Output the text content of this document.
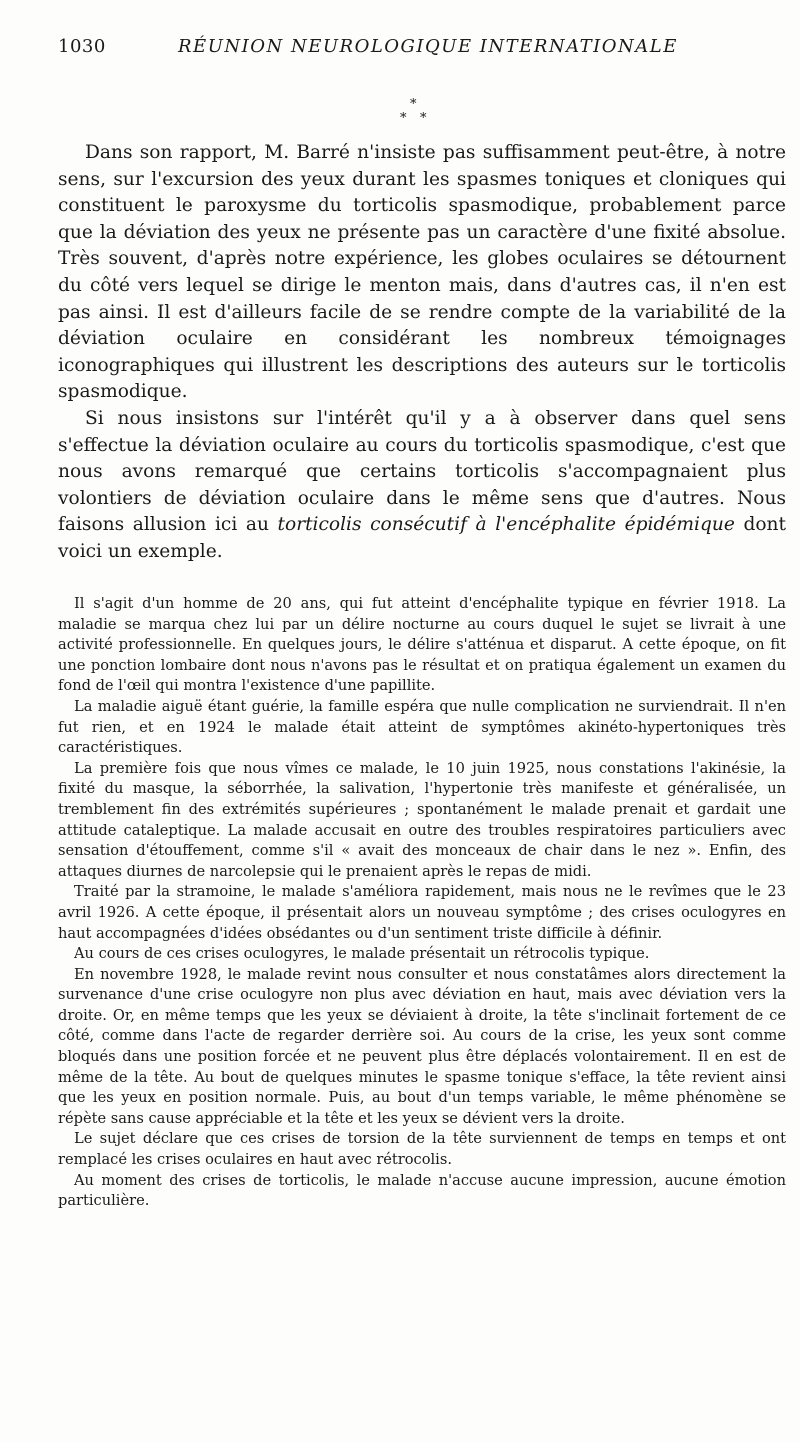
1030	RÉUNION NEUROLOGIQUE INTERNATIONALE
*
* *

Dans son rapport, M. Barré n'insiste pas suffisamment peut-être, à notre sens, sur l'excursion des yeux durant les spasmes toniques et cloniques qui constituent le paroxysme du torticolis spasmodique, probablement parce que la déviation des yeux ne présente pas un caractère d'une fixité absolue. Très souvent, d'après notre expérience, les globes oculaires se détournent du côté vers lequel se dirige le menton mais, dans d'autres cas, il n'en est pas ainsi. Il est d'ailleurs facile de se rendre compte de la variabilité de la déviation oculaire en considérant les nombreux témoignages iconographiques qui illustrent les descriptions des auteurs sur le torticolis spasmodique.

Si nous insistons sur l'intérêt qu'il y a à observer dans quel sens s'effectue la déviation oculaire au cours du torticolis spasmodique, c'est que nous avons remarqué que certains torticolis s'accompagnaient plus volontiers de déviation oculaire dans le même sens que d'autres. Nous faisons allusion ici au torticolis consécutif à l'encéphalite épidémique dont voici un exemple.

Il s'agit d'un homme de 20 ans, qui fut atteint d'encéphalite typique en février 1918. La maladie se marqua chez lui par un délire nocturne au cours duquel le sujet se livrait à une activité professionnelle. En quelques jours, le délire s'atténua et disparut. A cette époque, on fit une ponction lombaire dont nous n'avons pas le résultat et on pratiqua également un examen du fond de l'œil qui montra l'existence d'une papillite.

La maladie aiguë étant guérie, la famille espéra que nulle complication ne surviendrait. Il n'en fut rien, et en 1924 le malade était atteint de symptômes akinéto-hypertoniques très caractéristiques.

La première fois que nous vîmes ce malade, le 10 juin 1925, nous constations l'akinésie, la fixité du masque, la séborrhée, la salivation, l'hypertonie très manifeste et généralisée, un tremblement fin des extrémités supérieures ; spontanément le malade prenait et gardait une attitude cataleptique. La malade accusait en outre des troubles respiratoires particuliers avec sensation d'étouffement, comme s'il « avait des monceaux de chair dans le nez ». Enfin, des attaques diurnes de narcolepsie qui le prenaient après le repas de midi.

Traité par la stramoine, le malade s'améliora rapidement, mais nous ne le revîmes que le 23 avril 1926. A cette époque, il présentait alors un nouveau symptôme ; des crises oculogyres en haut accompagnées d'idées obsédantes ou d'un sentiment triste difficile à définir.

Au cours de ces crises oculogyres, le malade présentait un rétrocolis typique.

En novembre 1928, le malade revint nous consulter et nous constatâmes alors directement la survenance d'une crise oculogyre non plus avec déviation en haut, mais avec déviation vers la droite. Or, en même temps que les yeux se déviaient à droite, la tête s'inclinait fortement de ce côté, comme dans l'acte de regarder derrière soi. Au cours de la crise, les yeux sont comme bloqués dans une position forcée et ne peuvent plus être déplacés volontairement. Il en est de même de la tête. Au bout de quelques minutes le spasme tonique s'efface, la tête revient ainsi que les yeux en position normale. Puis, au bout d'un temps variable, le même phénomène se répète sans cause appréciable et la tête et les yeux se dévient vers la droite.

Le sujet déclare que ces crises de torsion de la tête surviennent de temps en temps et ont remplacé les crises oculaires en haut avec rétrocolis.

Au moment des crises de torticolis, le malade n'accuse aucune impression, aucune émotion particulière.
